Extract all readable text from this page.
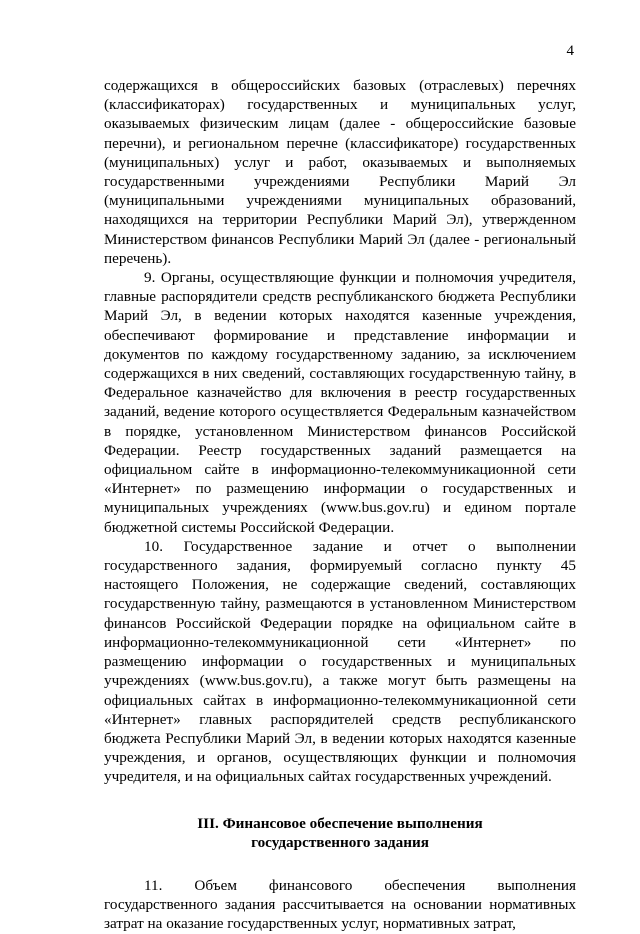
4

содержащихся в общероссийских базовых (отраслевых) перечнях (классификаторах) государственных и муниципальных услуг, оказываемых физическим лицам (далее - общероссийские базовые перечни), и региональном перечне (классификаторе) государственных (муниципальных) услуг и работ, оказываемых и выполняемых государственными учреждениями Республики Марий Эл (муниципальными учреждениями муниципальных образований, находящихся на территории Республики Марий Эл), утвержденном Министерством финансов Республики Марий Эл (далее - региональный перечень).

9. Органы, осуществляющие функции и полномочия учредителя, главные распорядители средств республиканского бюджета Республики Марий Эл, в ведении которых находятся казенные учреждения, обеспечивают формирование и представление информации и документов по каждому государственному заданию, за исключением содержащихся в них сведений, составляющих государственную тайну, в Федеральное казначейство для включения в реестр государственных заданий, ведение которого осуществляется Федеральным казначейством в порядке, установленном Министерством финансов Российской Федерации. Реестр государственных заданий размещается на официальном сайте в информационно-телекоммуникационной сети «Интернет» по размещению информации о государственных и муниципальных учреждениях (www.bus.gov.ru) и едином портале бюджетной системы Российской Федерации.

10. Государственное задание и отчет о выполнении государственного задания, формируемый согласно пункту 45 настоящего Положения, не содержащие сведений, составляющих государственную тайну, размещаются в установленном Министерством финансов Российской Федерации порядке на официальном сайте в информационно-телекоммуникационной сети «Интернет» по размещению информации о государственных и муниципальных учреждениях (www.bus.gov.ru), а также могут быть размещены на официальных сайтах в информационно-телекоммуникационной сети «Интернет» главных распорядителей средств республиканского бюджета Республики Марий Эл, в ведении которых находятся казенные учреждения, и органов, осуществляющих функции и полномочия учредителя, и на официальных сайтах государственных учреждений.

III. Финансовое обеспечение выполнения
государственного задания

11. Объем финансового обеспечения выполнения государственного задания рассчитывается на основании нормативных затрат на оказание государственных услуг, нормативных затрат,
